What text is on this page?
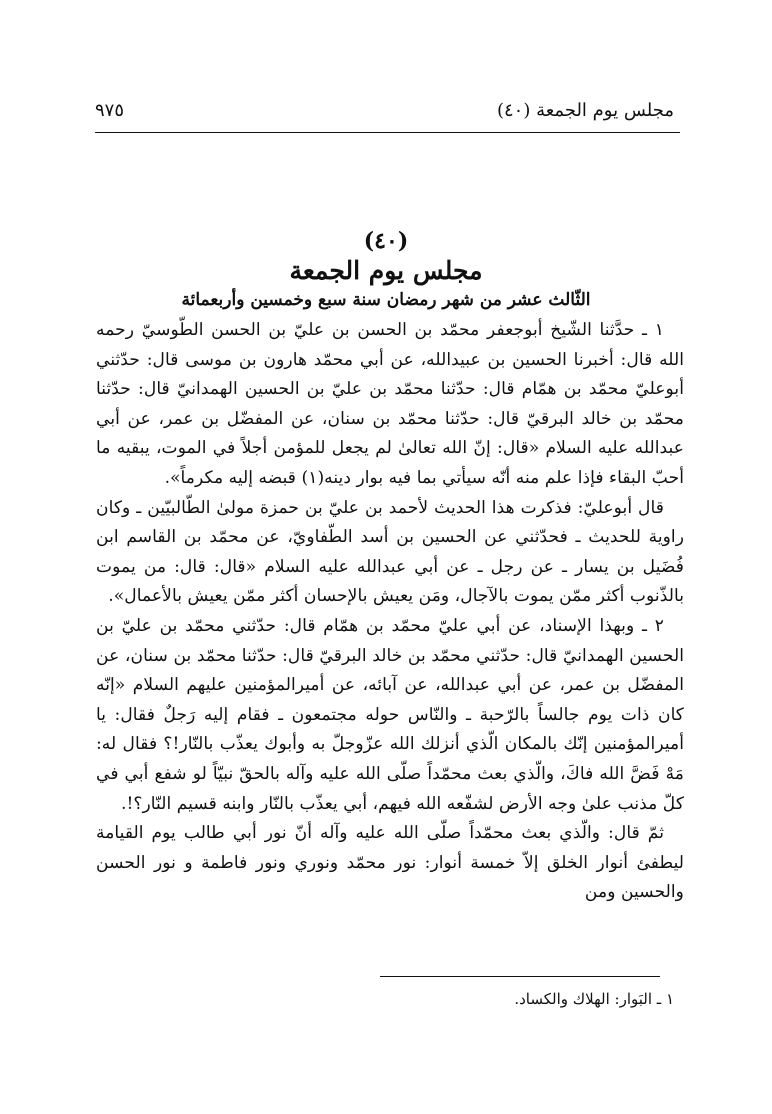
مجلس يوم الجمعة (٤٠)
٩٧٥
(٤٠)
مجلس يوم الجمعة
الثّالث عشر من شهر رمضان سنة سبع وخمسين وأربعمائة

١ ـ حدَّثنا الشّيخ أبوجعفر محمّد بن الحسن بن عليّ بن الحسن الطّوسيّ رحمه الله قال: أخبرنا الحسين بن عبيدالله، عن أبي محمّد هارون بن موسى قال: حدّثني أبوعليّ محمّد بن همّام قال: حدّثنا محمّد بن عليّ بن الحسين الهمدانيّ قال: حدّثنا محمّد بن خالد البرقيّ قال: حدّثنا محمّد بن سنان، عن المفضّل بن عمر، عن أبي عبدالله عليه السلام «قال: إنّ الله تعالىٰ لم يجعل للمؤمن أجلاً في الموت، يبقيه ما أحبّ البقاء فإذا علم منه أنّه سيأتي بما فيه بوار دينه(١) قبضه إليه مكرماً».

قال أبوعليّ: فذكرت هذا الحديث لأحمد بن عليّ بن حمزة مولىٰ الطّالبيّين ـ وكان راوية للحديث ـ فحدّثني عن الحسين بن أسد الطّفاويّ، عن محمّد بن القاسم ابن فُضَيل بن يسار ـ عن رجل ـ عن أبي عبدالله عليه السلام «قال: قال: من يموت بالذّنوب أكثر ممّن يموت بالآجال، ومَن يعيش بالإحسان أكثر ممّن يعيش بالأعمال».

٢ ـ وبهذا الإسناد، عن أبي عليّ محمّد بن همّام قال: حدّثني محمّد بن عليّ بن الحسين الهمدانيّ قال: حدّثني محمّد بن خالد البرقيّ قال: حدّثنا محمّد بن سنان، عن المفضّل بن عمر، عن أبي عبدالله، عن آبائه، عن أميرالمؤمنين عليهم السلام «إنّه كان ذات يوم جالساً بالرّحبة ـ والنّاس حوله مجتمعون ـ فقام إليه رَجلٌ فقال: يا أميرالمؤمنين إنّك بالمكان الّذي أنزلك الله عزّوجلّ به وأبوك يعذّب بالنّار!؟ فقال له: مَهْ فَضَّ الله فاكَ، والّذي بعث محمّداً صلّى الله عليه وآله بالحقّ نبيّاً لو شفع أبي في كلّ مذنب علىٰ وجه الأرض لشفّعه الله فيهم، أبي يعذّب بالنّار وابنه قسيم النّار؟!.

ثمّ قال: والّذي بعث محمّداً صلّى الله عليه وآله أنّ نور أبي طالب يوم القيامة ليطفئ أنوار الخلق إلاّ خمسة أنوار: نور محمّد ونوري ونور فاطمة و نور الحسن والحسين ومن

١ ـ البَوار: الهلاك والكساد.
